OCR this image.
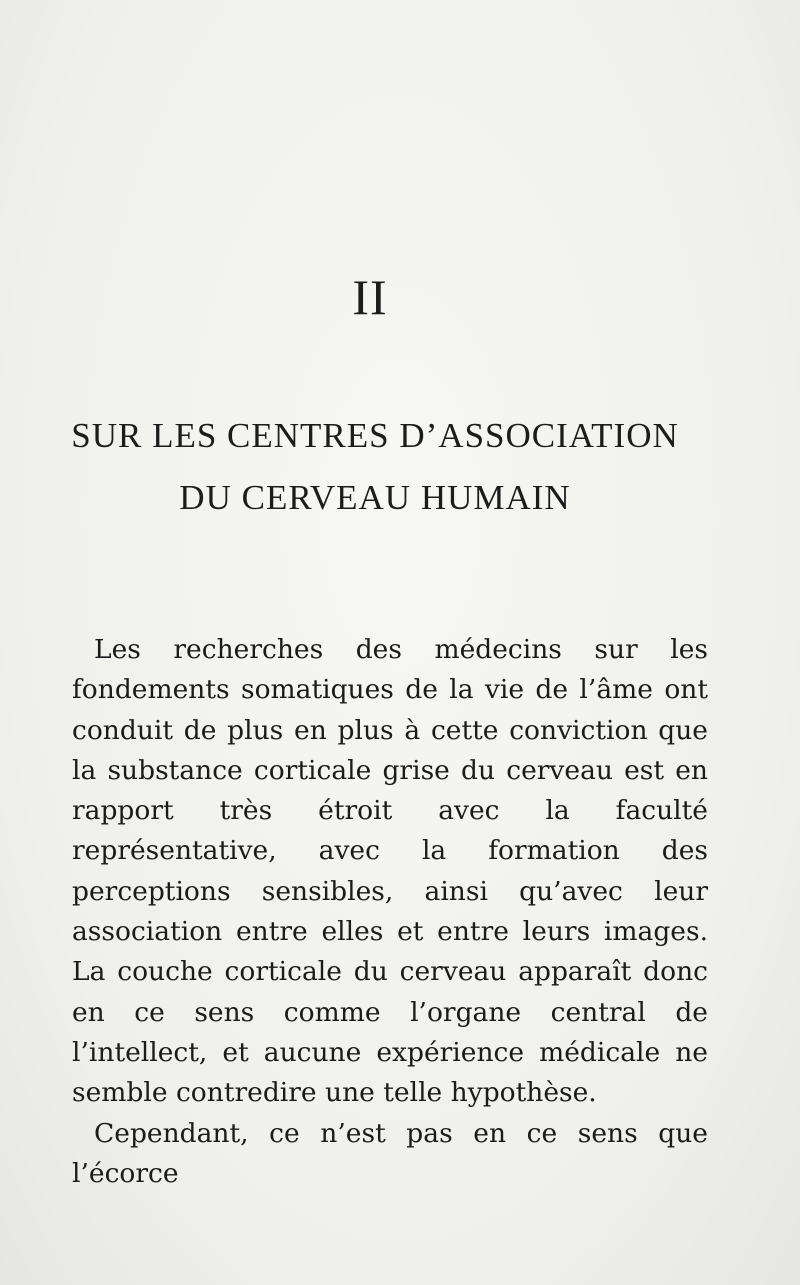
II
SUR LES CENTRES D’ASSOCIATION
DU CERVEAU HUMAIN

Les recherches des médecins sur les fondements somatiques de la vie de l’âme ont conduit de plus en plus à cette conviction que la substance corticale grise du cerveau est en rapport très étroit avec la faculté représentative, avec la formation des perceptions sensibles, ainsi qu’avec leur association entre elles et entre leurs images. La couche corticale du cerveau apparaît donc en ce sens comme l’organe central de l’intellect, et aucune expérience médicale ne semble contredire une telle hypothèse.

Cependant, ce n’est pas en ce sens que l’écorce
